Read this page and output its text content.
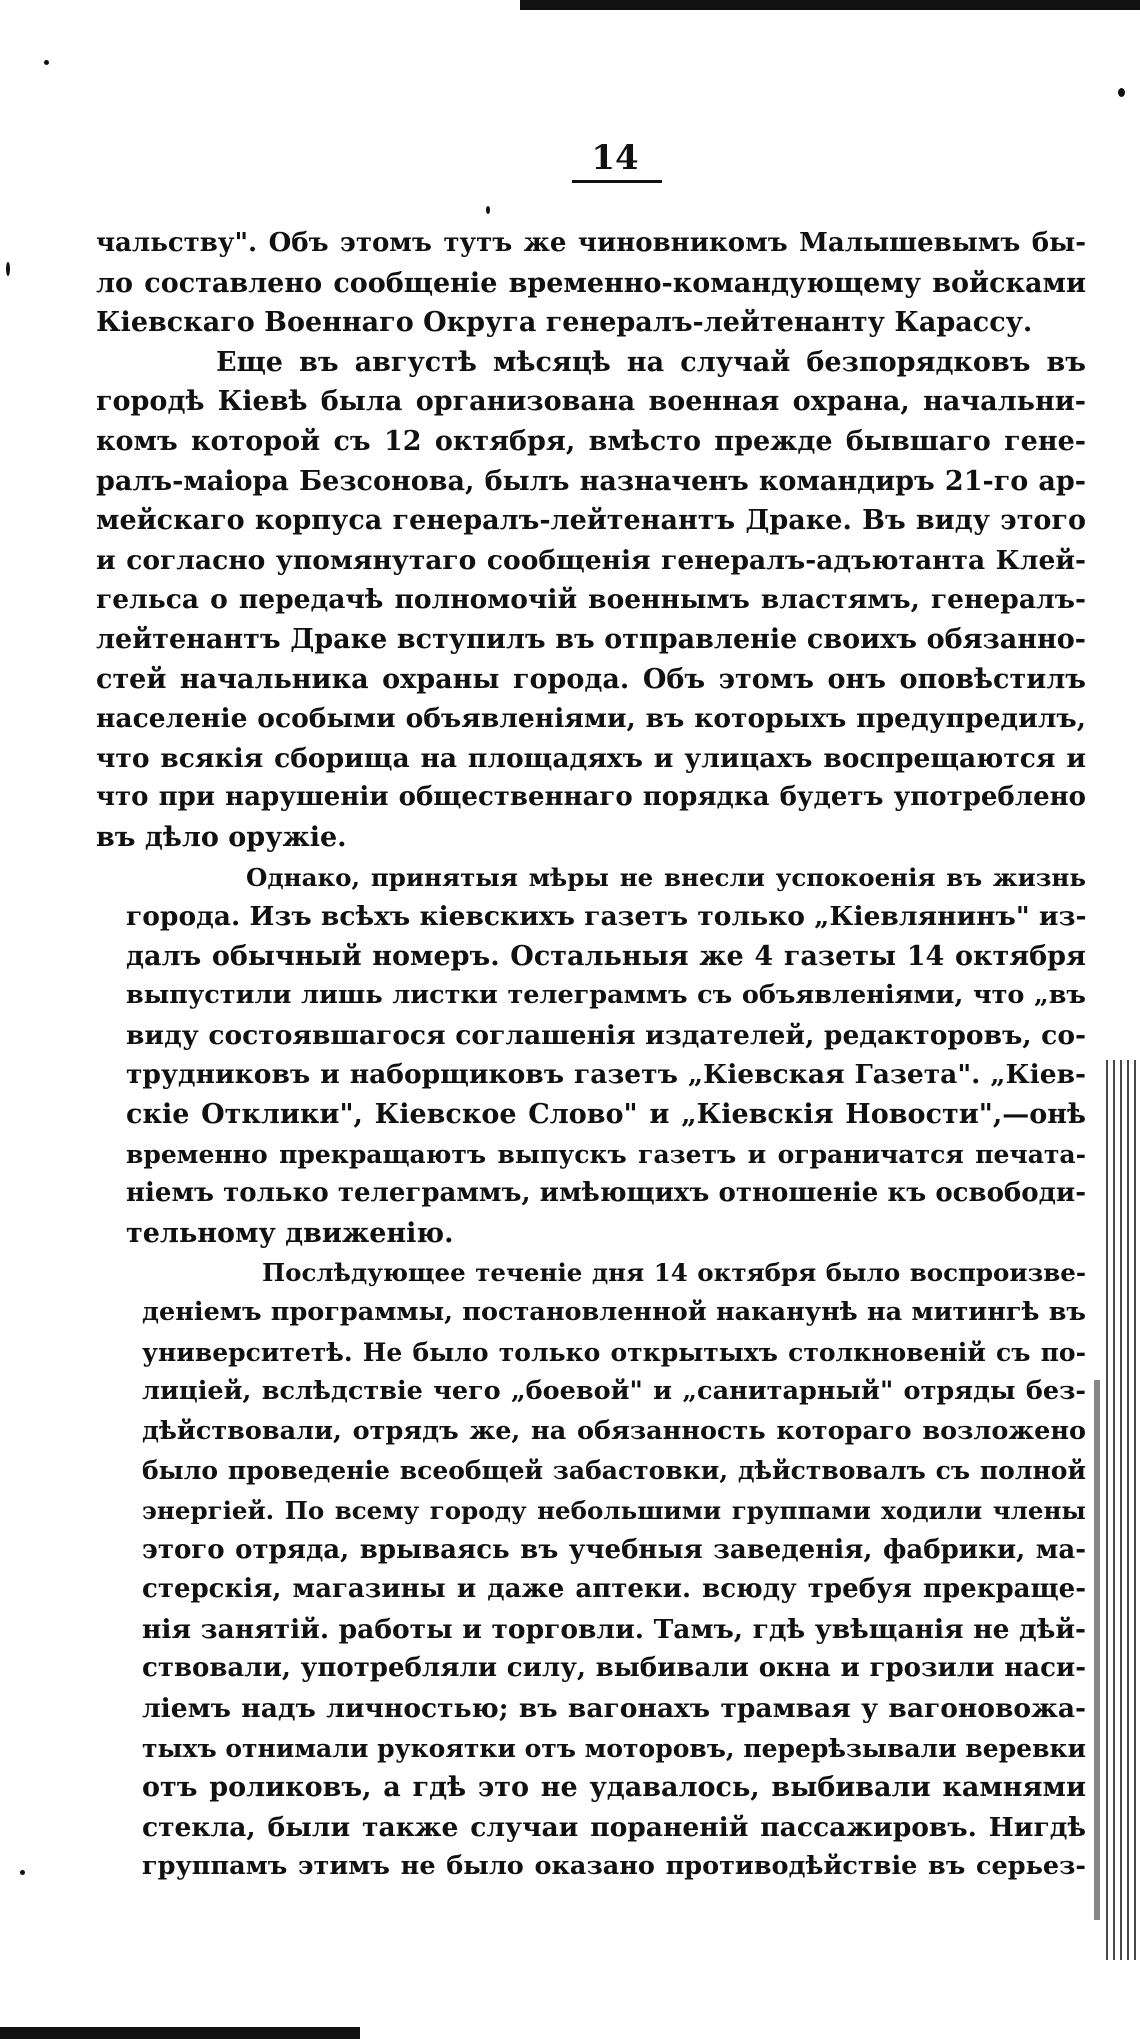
14
чальству". Объ этомъ тутъ же чиновникомъ Малышевымъ бы-
ло составлено сообщеніе временно-командующему войсками
Кіевскаго Военнаго Округа генералъ-лейтенанту Карассу.
Еще въ августѣ мѣсяцѣ на случай безпорядковъ въ
городѣ Кіевѣ была организована военная охрана, начальни-
комъ которой съ 12 октября, вмѣсто прежде бывшаго гене-
ралъ-маіора Безсонова, былъ назначенъ командиръ 21-го ар-
мейскаго корпуса генералъ-лейтенантъ Драке. Въ виду этого
и согласно упомянутаго сообщенія генералъ-адъютанта Клей-
гельса о передачѣ полномочій военнымъ властямъ, генералъ-
лейтенантъ Драке вступилъ въ отправленіе своихъ обязанно-
стей начальника охраны города. Объ этомъ онъ оповѣстилъ
населеніе особыми объявленіями, въ которыхъ предупредилъ,
что всякія сборища на площадяхъ и улицахъ воспрещаются и
что при нарушеніи общественнаго порядка будетъ употреблено
въ дѣло оружіе.
Однако, принятыя мѣры не внесли успокоенія въ жизнь
города. Изъ всѣхъ кіевскихъ газетъ только „Кіевлянинъ" из-
далъ обычный номеръ. Остальныя же 4 газеты 14 октября
выпустили лишь листки телеграммъ съ объявленіями, что „въ
виду состоявшагося соглашенія издателей, редакторовъ, со-
трудниковъ и наборщиковъ газетъ „Кіевская Газета". „Кіев-
скіе Отклики", Кіевское Слово" и „Кіевскія Новости",—онѣ
временно прекращаютъ выпускъ газетъ и ограничатся печата-
ніемъ только телеграммъ, имѣющихъ отношеніе къ освободи-
тельному движенію.
Послѣдующее теченіе дня 14 октября было воспроизве-
деніемъ программы, постановленной наканунѣ на митингѣ въ
университетѣ. Не было только открытыхъ столкновеній съ по-
лиціей, вслѣдствіе чего „боевой" и „санитарный" отряды без-
дѣйствовали, отрядъ же, на обязанность котораго возложено
было проведеніе всеобщей забастовки, дѣйствовалъ съ полной
энергіей. По всему городу небольшими группами ходили члены
этого отряда, врываясь въ учебныя заведенія, фабрики, ма-
стерскія, магазины и даже аптеки. всюду требуя прекраще-
нія занятій. работы и торговли. Тамъ, гдѣ увѣщанія не дѣй-
ствовали, употребляли силу, выбивали окна и грозили наси-
ліемъ надъ личностью; въ вагонахъ трамвая у вагоновожа-
тыхъ отнимали рукоятки отъ моторовъ, перерѣзывали веревки
отъ роликовъ, а гдѣ это не удавалось, выбивали камнями
стекла, были также случаи пораненій пассажировъ. Нигдѣ
группамъ этимъ не было оказано противодѣйствіе въ серьез-
